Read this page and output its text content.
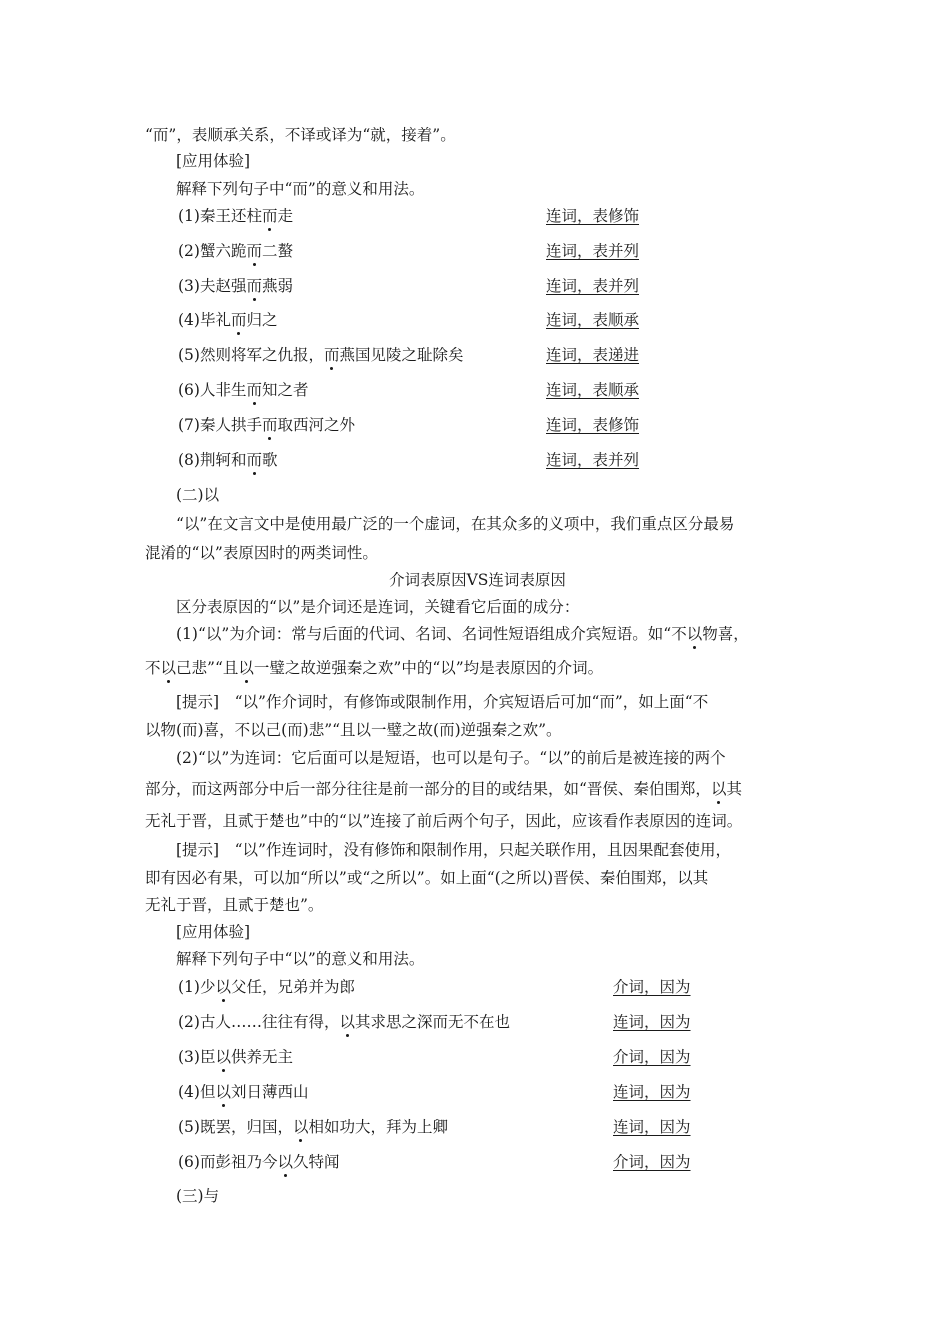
“而”，表顺承关系，不译或译为“就，接着”。
[应用体验]
解释下列句子中“而”的意义和用法。
(1)秦王还柱而走	连词，表修饰
(2)蟹六跪而二螯	连词，表并列
(3)夫赵强而燕弱	连词，表并列
(4)毕礼而归之	连词，表顺承
(5)然则将军之仇报，而燕国见陵之耻除矣	连词，表递进
(6)人非生而知之者	连词，表顺承
(7)秦人拱手而取西河之外	连词，表修饰
(8)荆轲和而歌	连词，表并列
(二)以
“以”在文言文中是使用最广泛的一个虚词，在其众多的义项中，我们重点区分最易
混淆的“以”表原因时的两类词性。
介词表原因VS连词表原因
区分表原因的“以”是介词还是连词，关键看它后面的成分：
(1)“以”为介词：常与后面的代词、名词、名词性短语组成介宾短语。如“不以物喜，
不以己悲”“且以一璧之故逆强秦之欢”中的“以”均是表原因的介词。
[提示]　“以”作介词时，有修饰或限制作用，介宾短语后可加“而”，如上面“不
以物(而)喜，不以己(而)悲”“且以一璧之故(而)逆强秦之欢”。
(2)“以”为连词：它后面可以是短语，也可以是句子。“以”的前后是被连接的两个
部分，而这两部分中后一部分往往是前一部分的目的或结果，如“晋侯、秦伯围郑，以其
无礼于晋，且贰于楚也”中的“以”连接了前后两个句子，因此，应该看作表原因的连词。
[提示]　“以”作连词时，没有修饰和限制作用，只起关联作用，且因果配套使用，
即有因必有果，可以加“所以”或“之所以”。如上面“(之所以)晋侯、秦伯围郑，以其
无礼于晋，且贰于楚也”。
[应用体验]
解释下列句子中“以”的意义和用法。
(1)少以父任，兄弟并为郎	介词，因为
(2)古人……往往有得，以其求思之深而无不在也	连词，因为
(3)臣以供养无主	介词，因为
(4)但以刘日薄西山	连词，因为
(5)既罢，归国，以相如功大，拜为上卿	连词，因为
(6)而彭祖乃今以久特闻	介词，因为
(三)与
